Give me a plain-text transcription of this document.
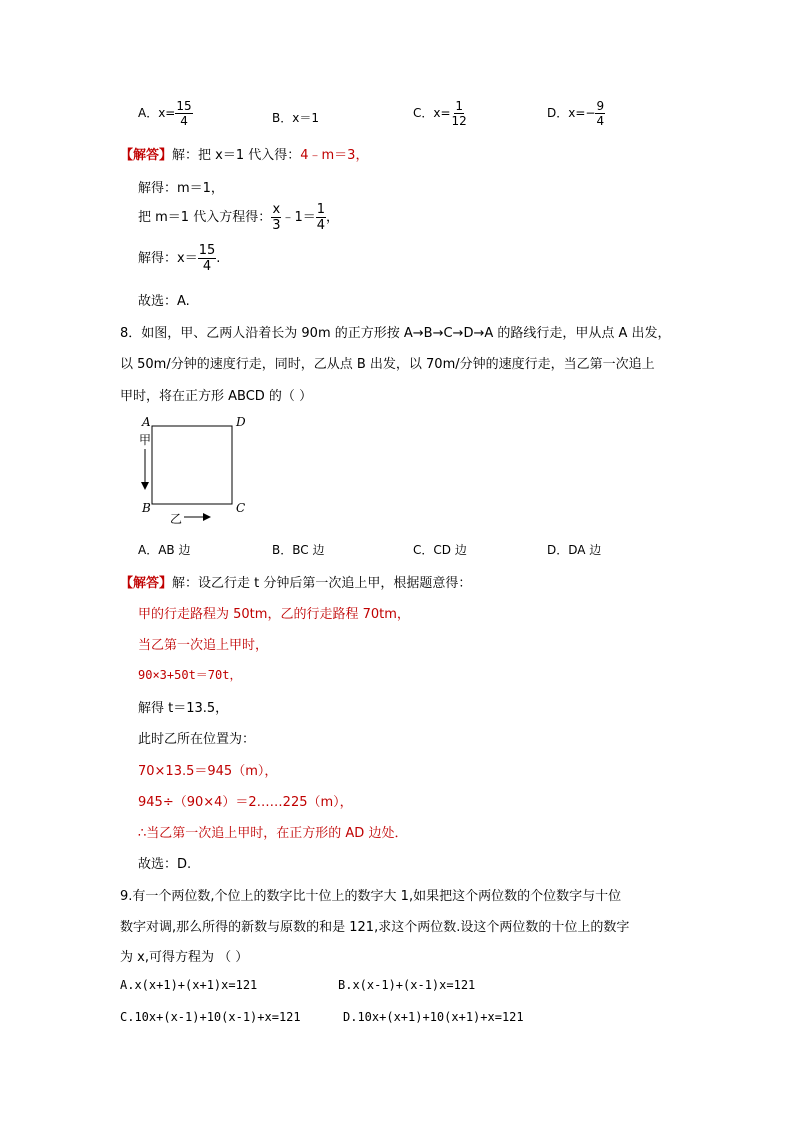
A．$x= \frac{15}{4}$	B．x＝1	C．$x= \frac{1}{12}$	D．$x=- \frac{9}{4}$
【解答】解：把 x＝1 代入得：4﹣m＝3，
解得：m＝1，
把 m＝1 代入方程得： $\frac{x}{3}$ ﹣1＝ $\frac{1}{4}$ ，
解得：$x= \frac{15}{4}$ .
故选：A.
8．如图，甲、乙两人沿着长为 90m 的正方形按 A→B→C→D→A 的路线行走，甲从点 A 出发，
以 50m/分钟的速度行走，同时，乙从点 B 出发，以 70m/分钟的速度行走，当乙第一次追上
甲时，将在正方形 ABCD 的（ ）
A	D
B	C
甲
乙
A．AB 边	B．BC 边	C．CD 边	D．DA 边
【解答】解：设乙行走 t 分钟后第一次追上甲，根据题意得：
甲的行走路程为 50tm，乙的行走路程 70tm，
当乙第一次追上甲时，
90×3+50t＝70t，
解得 t＝13.5，
此时乙所在位置为：
70×13.5＝945（m），
945÷（90×4）＝2……225（m），
∴当乙第一次追上甲时，在正方形的 AD 边处．
故选：D.
9.有一个两位数,个位上的数字比十位上的数字大 1,如果把这个两位数的个位数字与十位
数字对调,那么所得的新数与原数的和是 121,求这个两位数.设这个两位数的十位上的数字
为 x,可得方程为 （ ）
A.x(x+1)+(x+1)x=121	B.x(x-1)+(x-1)x=121
C.10x+(x-1)+10(x-1)+x=121	D.10x+(x+1)+10(x+1)+x=121
